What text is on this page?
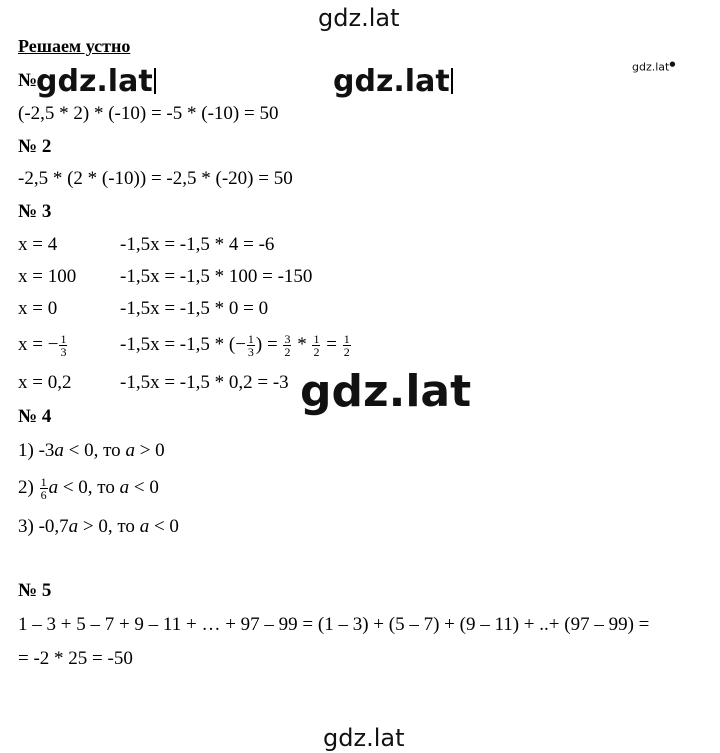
gdz.lat
gdz.lat●
Решаем устно
№
gdz.lat	gdz.lat
(-2,5 * 2) * (-10) = -5 * (-10) = 50
№ 2
-2,5 * (2 * (-10)) = -2,5 * (-20) = 50
№ 3
x = 4	-1,5x = -1,5 * 4 = -6
x = 100 -1,5x = -1,5 * 100 = -150
x = 0	-1,5x = -1,5 * 0 = 0
x = − $\frac{1}{3}$	-1,5x = -1,5 * (− $\frac{1}{3}$ ) = $\frac{3}{2} * \frac{1}{2} = \frac{1}{2}$
x = 0,2	-1,5x = -1,5 * 0,2 = -3 gdz.lat
№ 4
1) -3a < 0, то a > 0
$2) \frac{1}{6}$ a < 0, то a < 0
3) -0,7a > 0, то a < 0
№ 5
1 – 3 + 5 – 7 + 9 – 11 + … + 97 – 99 = (1 – 3) + (5 – 7) + (9 – 11) + ..+ (97 – 99) =
= -2 * 25 = -50
gdz.lat
